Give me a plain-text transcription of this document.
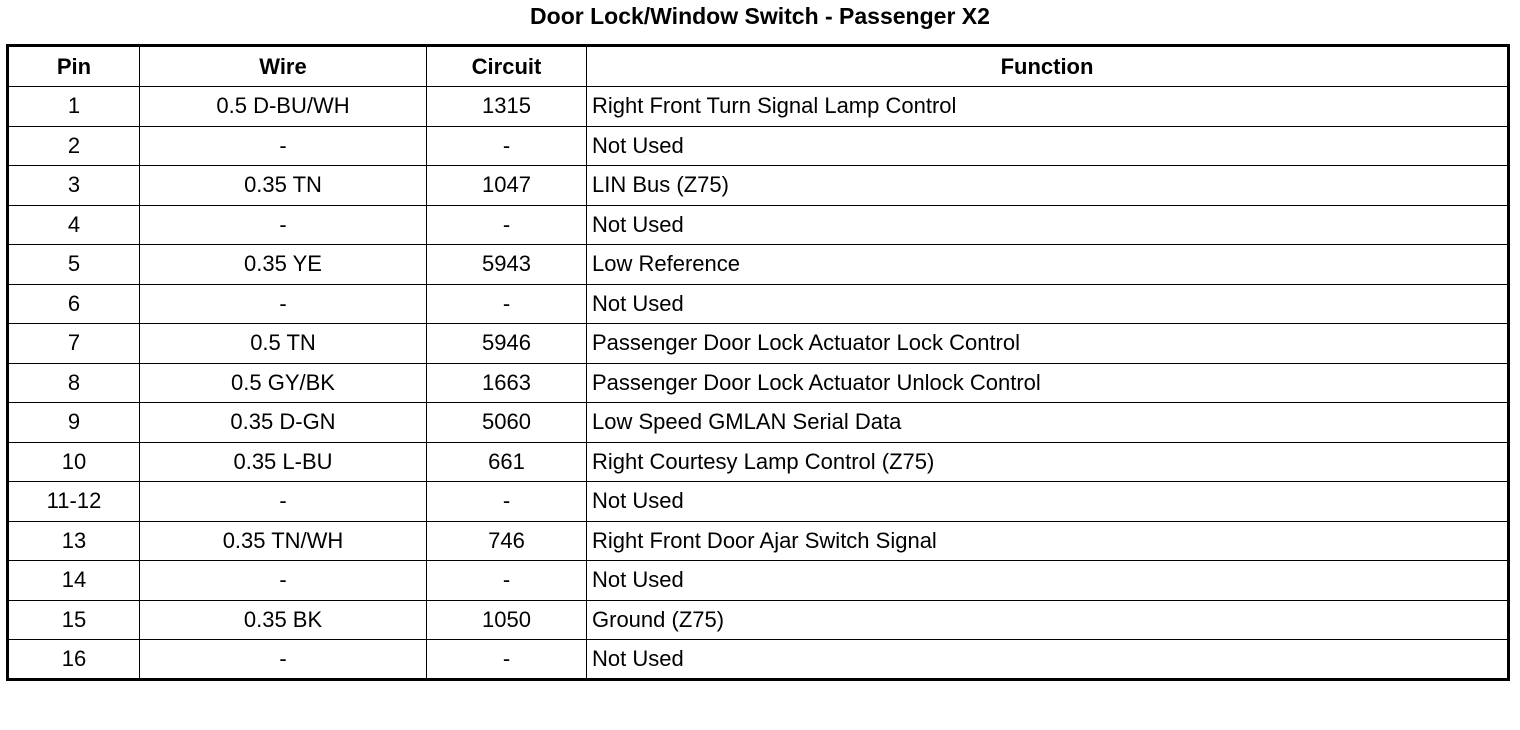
Door Lock/Window Switch - Passenger X2
Pin	Wire	Circuit	Function
1	0.5 D-BU/WH	1315	Right Front Turn Signal Lamp Control
2	-	-	Not Used
3	0.35 TN	1047	LIN Bus (Z75)
4	-	-	Not Used
5	0.35 YE	5943	Low Reference
6	-	-	Not Used
7	0.5 TN	5946	Passenger Door Lock Actuator Lock Control
8	0.5 GY/BK	1663	Passenger Door Lock Actuator Unlock Control
9	0.35 D-GN	5060	Low Speed GMLAN Serial Data
10	0.35 L-BU	661	Right Courtesy Lamp Control (Z75)
11-12	-	-	Not Used
13	0.35 TN/WH	746	Right Front Door Ajar Switch Signal
14	-	-	Not Used
15	0.35 BK	1050	Ground (Z75)
16	-	-	Not Used
